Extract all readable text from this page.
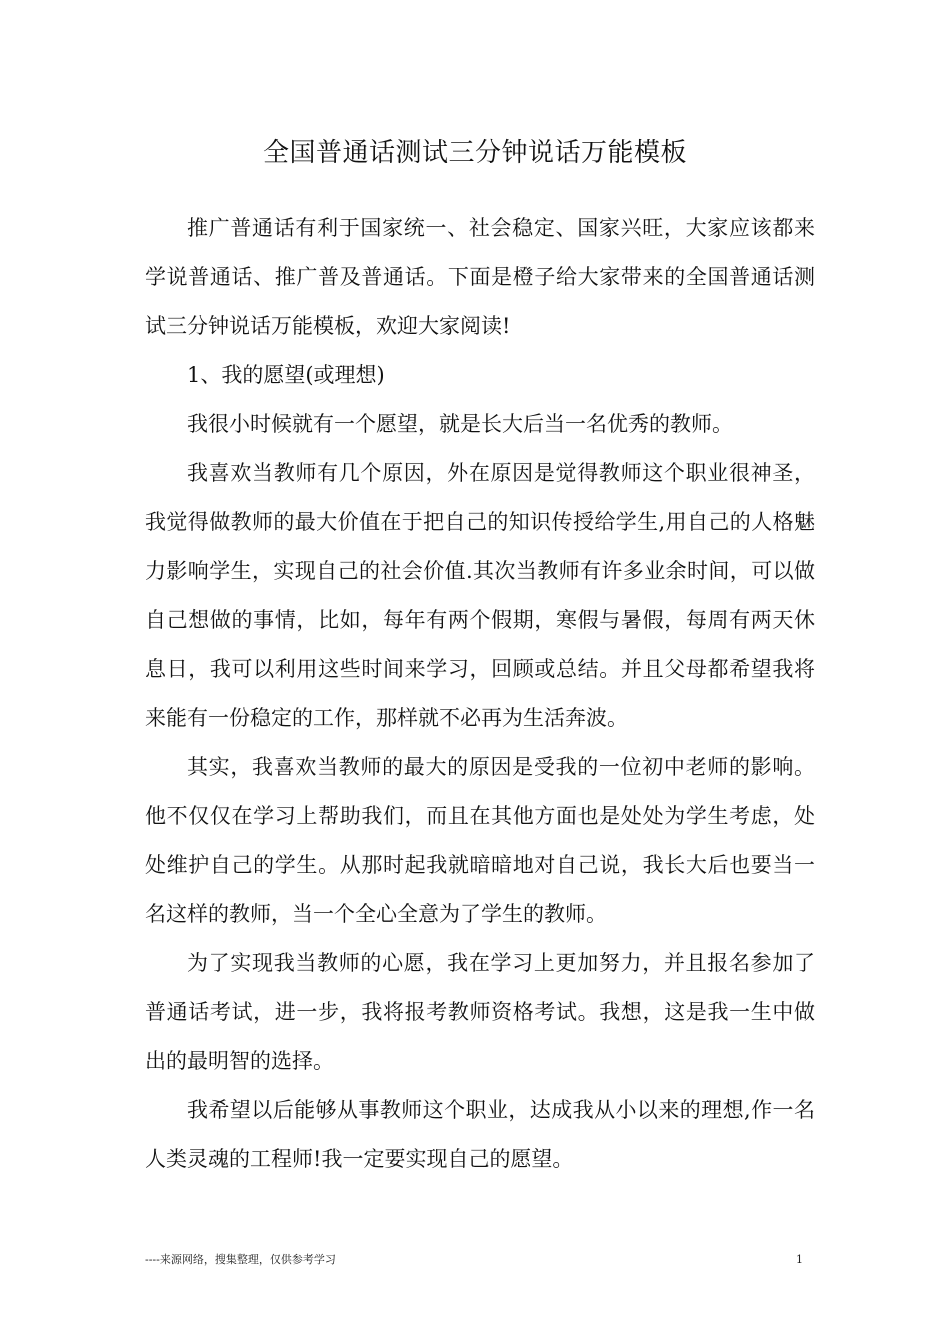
全国普通话测试三分钟说话万能模板

推广普通话有利于国家统一、社会稳定、国家兴旺，大家应该都来学说普通话、推广普及普通话。下面是橙子给大家带来的全国普通话测试三分钟说话万能模板，欢迎大家阅读!

1、我的愿望(或理想)

我很小时候就有一个愿望，就是长大后当一名优秀的教师。

我喜欢当教师有几个原因，外在原因是觉得教师这个职业很神圣，我觉得做教师的最大价值在于把自己的知识传授给学生,用自己的人格魅力影响学生，实现自己的社会价值.其次当教师有许多业余时间，可以做自己想做的事情，比如，每年有两个假期，寒假与暑假，每周有两天休息日，我可以利用这些时间来学习，回顾或总结。并且父母都希望我将来能有一份稳定的工作，那样就不必再为生活奔波。

其实，我喜欢当教师的最大的原因是受我的一位初中老师的影响。他不仅仅在学习上帮助我们，而且在其他方面也是处处为学生考虑，处处维护自己的学生。从那时起我就暗暗地对自己说，我长大后也要当一名这样的教师，当一个全心全意为了学生的教师。

为了实现我当教师的心愿，我在学习上更加努力，并且报名参加了普通话考试，进一步，我将报考教师资格考试。我想，这是我一生中做出的最明智的选择。

我希望以后能够从事教师这个职业，达成我从小以来的理想,作一名人类灵魂的工程师!我一定要实现自己的愿望。

----来源网络，搜集整理，仅供参考学习	1
